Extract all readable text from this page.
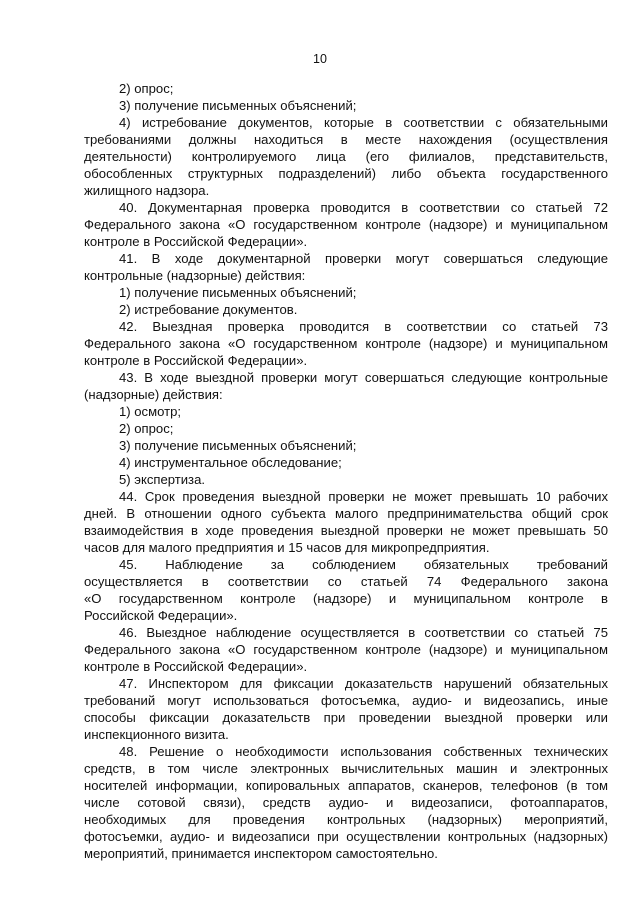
10
2) опрос;
3) получение письменных объяснений;
4) истребование документов, которые в соответствии с обязательными
требованиями должны находиться в месте нахождения (осуществления
деятельности) контролируемого лица (его филиалов, представительств,
обособленных структурных подразделений) либо объекта государственного
жилищного надзора.
40. Документарная проверка проводится в соответствии со статьей 72
Федерального закона «О государственном контроле (надзоре) и муниципальном
контроле в Российской Федерации».
41. В ходе документарной проверки могут совершаться следующие
контрольные (надзорные) действия:
1) получение письменных объяснений;
2) истребование документов.
42. Выездная проверка проводится в соответствии со статьей 73
Федерального закона «О государственном контроле (надзоре) и муниципальном
контроле в Российской Федерации».
43. В ходе выездной проверки могут совершаться следующие контрольные
(надзорные) действия:
1) осмотр;
2) опрос;
3) получение письменных объяснений;
4) инструментальное обследование;
5) экспертиза.
44. Срок проведения выездной проверки не может превышать 10 рабочих
дней. В отношении одного субъекта малого предпринимательства общий срок
взаимодействия в ходе проведения выездной проверки не может превышать 50
часов для малого предприятия и 15 часов для микропредприятия.
45. Наблюдение за соблюдением обязательных требований
осуществляется в соответствии со статьей 74 Федерального закона
«О государственном контроле (надзоре) и муниципальном контроле в
Российской Федерации».
46. Выездное наблюдение осуществляется в соответствии со статьей 75
Федерального закона «О государственном контроле (надзоре) и муниципальном
контроле в Российской Федерации».
47. Инспектором для фиксации доказательств нарушений обязательных
требований могут использоваться фотосъемка, аудио- и видеозапись, иные
способы фиксации доказательств при проведении выездной проверки или
инспекционного визита.
48. Решение о необходимости использования собственных технических
средств, в том числе электронных вычислительных машин и электронных
носителей информации, копировальных аппаратов, сканеров, телефонов (в том
числе сотовой связи), средств аудио- и видеозаписи, фотоаппаратов,
необходимых для проведения контрольных (надзорных) мероприятий,
фотосъемки, аудио- и видеозаписи при осуществлении контрольных (надзорных)
мероприятий, принимается инспектором самостоятельно.
